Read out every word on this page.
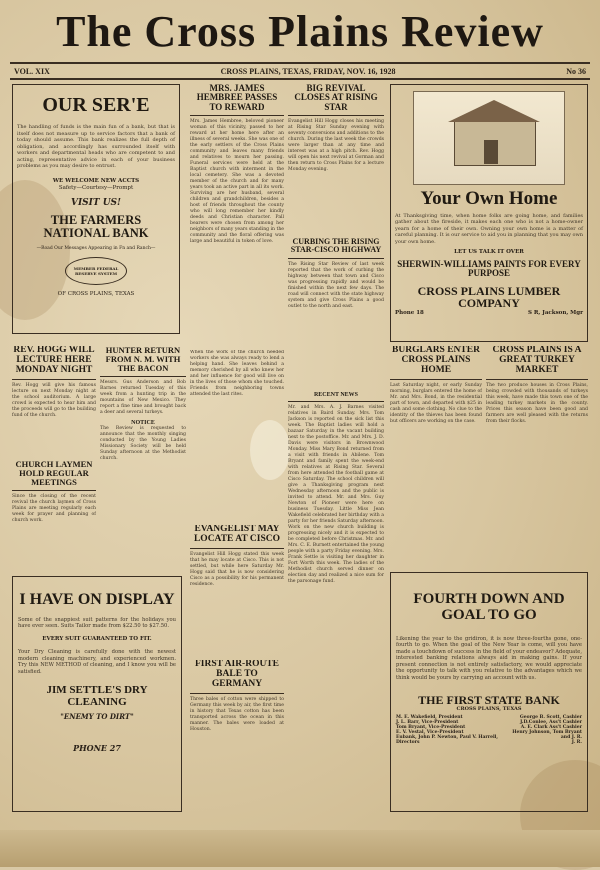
The Cross Plains Review
VOL. XIX	CROSS PLAINS, TEXAS, FRIDAY, NOV. 16, 1928	No 36
OUR SER'E
The handling of funds is the main fun of a bank, but that is itself does not measure up to service factors that a bank of today should assume. This bank realizes the full depth of obligation, and accordingly has surrounded itself with workers and departmental heads who are competent to and acting, representative advice in each of your business problems as you may desire to entrust.
WE WELCOME NEW ACCTS
Safety—Courtesy—Prompt
VISIT US!
THE FARMERS NATIONAL BANK
—Road Our Messages Appearing in Fn and Ranch—
MEMBER FEDERAL RESERVE SYSTEM
OF CROSS PLAINS, TEXAS
MRS. JAMES HEMBREE PASSES TO REWARD
Mrs. James Hembree, beloved pioneer woman of this vicinity, passed to her reward at her home here after an illness of several weeks. She was one of the early settlers of the Cross Plains community and leaves many friends and relatives to mourn her passing. Funeral services were held at the Baptist church with interment in the local cemetery. She was a devoted member of the church and for many years took an active part in all its work. Surviving are her husband, several children and grandchildren, besides a host of friends throughout the county who will long remember her kindly deeds and Christian character. Pall bearers were chosen from among her neighbors of many years standing in the community and the floral offering was large and beautiful in token of love.
BIG REVIVAL CLOSES AT RISING STAR
Evangelist Hill Hogg closes his meeting at Rising Star Sunday evening with seventy conversions and additions to the church. During the last week the crowds were larger than at any time and interest was at a high pitch. Rev. Hogg will open his next revival at Gorman and then return to Cross Plains for a lecture Monday evening.
CURBING THE RISING STAR-CISCO HIGHWAY
The Rising Star Review of last week reported that the work of curbing the highway between that town and Cisco was progressing rapidly and would be finished within the next few days. The road will connect with the state highway system and give Cross Plains a good outlet to the north and east.
Your Own Home
At Thanksgiving time, when home folks are going home, and families gather about the fireside, it makes each one who is not a home-owner yearn for a home of their own. Owning your own home is a matter of careful planning. It is our service to aid you in planning that you may own your own home.
LET US TALK IT OVER
SHERWIN-WILLIAMS PAINTS FOR EVERY PURPOSE
CROSS PLAINS LUMBER COMPANY
Phone 18	S R, Jackson, Mgr
REV. HOGG WILL LECTURE HERE MONDAY NIGHT
Rev. Hogg will give his famous lecture on next Monday night at the school auditorium. A large crowd is expected to hear him and the proceeds will go to the building fund of the church.
CHURCH LAYMEN HOLD REGULAR MEETINGS
Since the closing of the recent revival the church laymen of Cross Plains are meeting regularly each week for prayer and planning of church work.
HUNTER RETURN FROM N. M. WITH THE BACON
Messrs. Gus Anderson and Bob Barnes returned Tuesday of this week from a hunting trip in the mountains of New Mexico. They report a fine time and brought back a deer and several turkeys.
NOTICE
The Review is requested to announce that the monthly singing conducted by the Young Ladies Missionary Society will be held Sunday afternoon at the Methodist church.
When the work of the church needed workers she was always ready to lend a helping hand. She leaves behind a memory cherished by all who knew her and her influence for good will live on in the lives of those whom she touched. Friends from neighboring towns attended the last rites.
EVANGELIST MAY LOCATE AT CISCO
Evangelist Hill Hogg stated this week that he may locate at Cisco. This is not settled, but while here Saturday Mr. Hogg said that he is now considering Cisco as a possibility for his permanent residence.
FIRST AIR-ROUTE BALE TO GERMANY
Three bales of cotton were shipped to Germany this week by air, the first time in history that Texas cotton has been transported across the ocean in this manner. The bales were loaded at Houston.
RECENT NEWS
Mr. and Mrs. A. J. Barnes visited relatives in Baird Sunday. Mrs. Tom Jackson is reported on the sick list this week. The Baptist ladies will hold a bazaar Saturday in the vacant building next to the postoffice. Mr. and Mrs. J. D. Davis were visitors in Brownwood Monday. Miss Mary Bond returned from a visit with friends in Abilene. Tom Bryant and family spent the week-end with relatives at Rising Star. Several from here attended the football game at Cisco Saturday. The school children will give a Thanksgiving program next Wednesday afternoon and the public is invited to attend. Mr. and Mrs. Guy Newton of Pioneer were here on business Tuesday. Little Miss Jean Wakefield celebrated her birthday with a party for her friends Saturday afternoon. Work on the new church building is progressing nicely and it is expected to be completed before Christmas. Mr. and Mrs. C. E. Burnett entertained the young people with a party Friday evening. Mrs. Frank Settle is visiting her daughter in Fort Worth this week. The ladies of the Methodist church served dinner on election day and realized a nice sum for the parsonage fund.
BURGLARS ENTER CROSS PLAINS HOME
Last Saturday night, or early Sunday morning, burglars entered the home of Mr. and Mrs. Bond, in the residential part of town, and departed with $25 in cash and some clothing. No clue to the identity of the thieves has been found but officers are working on the case.
CROSS PLAINS IS A GREAT TURKEY MARKET
The two produce houses in Cross Plains, being crowded with thousands of turkeys this week, have made this town one of the leading turkey markets in the county. Prices this season have been good and farmers are well pleased with the returns from their flocks.
I HAVE ON DISPLAY
Some of the snappiest suit patterns for the holidays you have ever seen. Suits Tailor made from $22.50 to $27.50.
EVERY SUIT GUARANTEED TO FIT.
Your Dry Cleaning is carefully done with the newest modern cleaning machinery, and experienced workmen. Try this NEW METHOD of cleaning, and I know you will be satisfied.
JIM SETTLE'S DRY CLEANING
"ENEMY TO DIRT"
PHONE 27
FOURTH DOWN AND GOAL TO GO
Likening the year to the gridiron, it is now three-fourths gone, one-fourth to go. When the goal of the New Year is come, will you have made a touchdown of success in the field of your endeavor? Adequate, interested banking relations always aid in making gains. If your present connection is not entirely satisfactory, we would appreciate the opportunity to talk with you relative to the advantages which we think would be yours by carrying an account with us.
THE FIRST STATE BANK
CROSS PLAINS, TEXAS
M. E. Wakefield, President
J. L. Barr, Vice-President
Tom Bryant, Vice-President
E. V. Vestal, Vice-President
Eubank, John P. Newton, Paul V. Harrell, Directors
George B. Scott, Cashier
J.D.Conlee, Ass't Cashier
A. E. Clark Ass't Cashier
Henry Johnson, Tom Bryant and J. R.
J. R.
